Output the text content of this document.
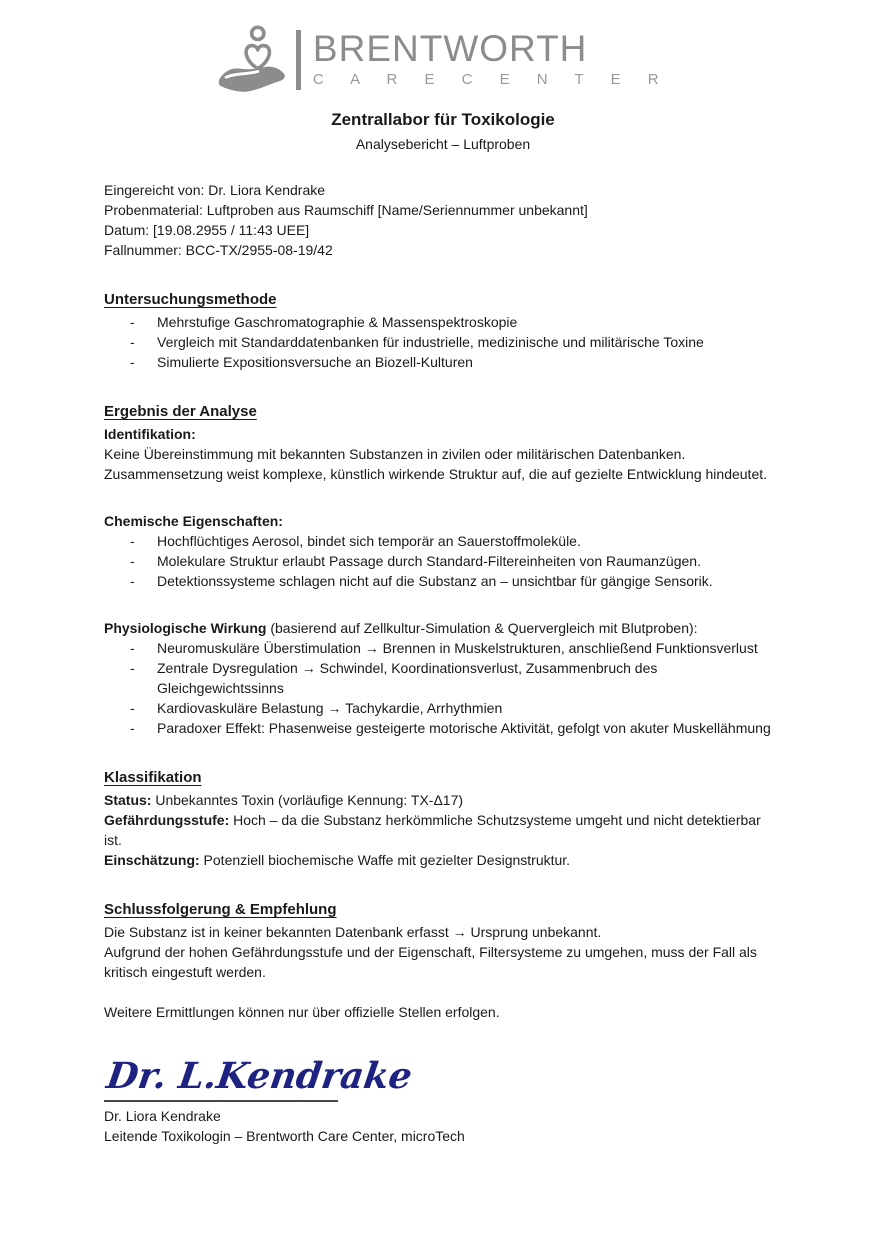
BRENTWORTH
C A R E C E N T E R
Zentrallabor für Toxikologie

Analysebericht – Luftproben

Eingereicht von: Dr. Liora Kendrake

Probenmaterial: Luftproben aus Raumschiff [Name/Seriennummer unbekannt]

Datum: [19.08.2955 / 11:43 UEE]

Fallnummer: BCC-TX/2955-08-19/42

Untersuchungsmethode
-	Mehrstufige Gaschromatographie & Massenspektroskopie
-	Vergleich mit Standarddatenbanken für industrielle, medizinische und militärische Toxine
-	Simulierte Expositionsversuche an Biozell-Kulturen
Ergebnis der Analyse

Identifikation:

Keine Übereinstimmung mit bekannten Substanzen in zivilen oder militärischen Datenbanken. Zusammensetzung weist komplexe, künstlich wirkende Struktur auf, die auf gezielte Entwicklung hindeutet.

Chemische Eigenschaften:

-	Hochflüchtiges Aerosol, bindet sich temporär an Sauerstoffmoleküle.
-	Molekulare Struktur erlaubt Passage durch Standard-Filtereinheiten von Raumanzügen.
-	Detektionssysteme schlagen nicht auf die Substanz an – unsichtbar für gängige Sensorik.

Physiologische Wirkung (basierend auf Zellkultur-Simulation & Quervergleich mit Blutproben):

-	Neuromuskuläre Überstimulation → Brennen in Muskelstrukturen, anschließend Funktionsverlust
-	Zentrale Dysregulation → Schwindel, Koordinationsverlust, Zusammenbruch des Gleichgewichtssinns
-	Kardiovaskuläre Belastung → Tachykardie, Arrhythmien
-	Paradoxer Effekt: Phasenweise gesteigerte motorische Aktivität, gefolgt von akuter Muskellähmung
Klassifikation

Status: Unbekanntes Toxin (vorläufige Kennung: TX-Δ17)

Gefährdungsstufe: Hoch – da die Substanz herkömmliche Schutzsysteme umgeht und nicht detektierbar ist.

Einschätzung: Potenziell biochemische Waffe mit gezielter Designstruktur.

Schlussfolgerung & Empfehlung

Die Substanz ist in keiner bekannten Datenbank erfasst → Ursprung unbekannt.

Aufgrund der hohen Gefährdungsstufe und der Eigenschaft, Filtersysteme zu umgehen, muss der Fall als kritisch eingestuft werden.

Weitere Ermittlungen können nur über offizielle Stellen erfolgen.

Dr. L.Kendrake

Dr. Liora Kendrake

Leitende Toxikologin – Brentworth Care Center, microTech
